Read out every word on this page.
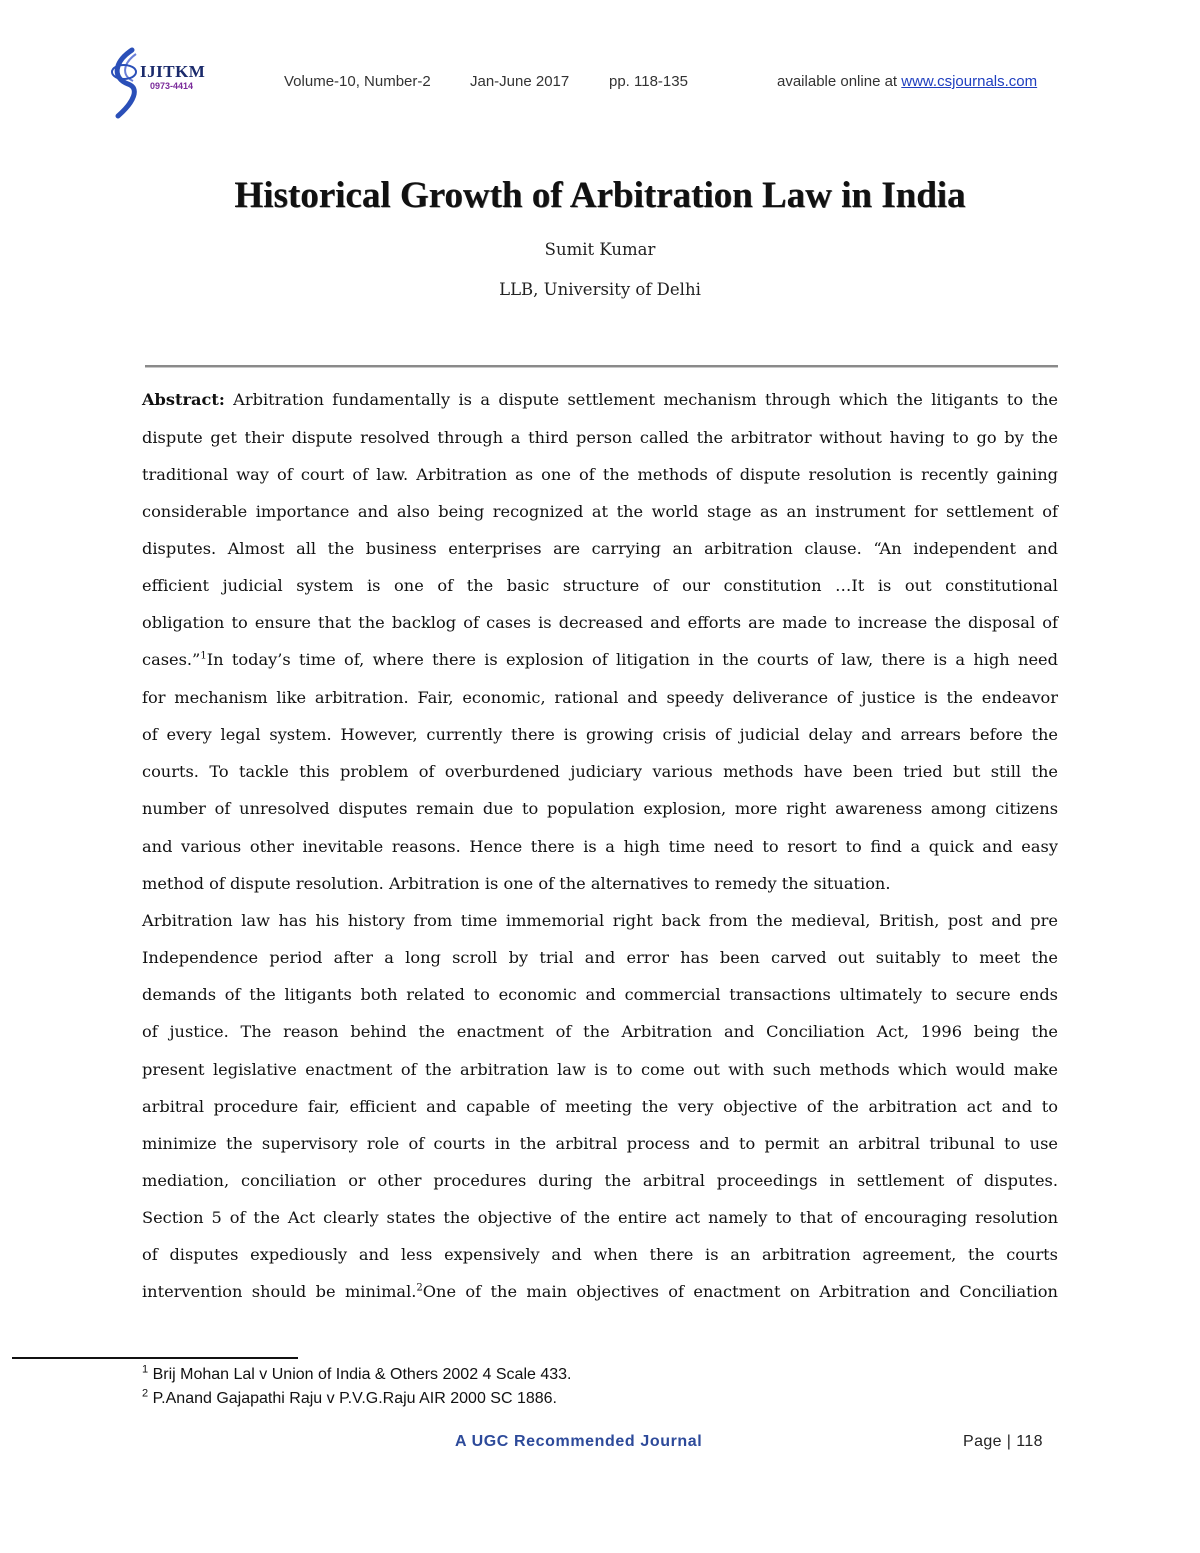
IJITKM
0973-4414	Volume-10, Number-2	Jan-June 2017	pp. 118-135	available online at www.csjournals.com
Historical Growth of Arbitration Law in India
Sumit Kumar
LLB, University of Delhi
Abstract: Arbitration fundamentally is a dispute settlement mechanism through which the litigants to the
dispute get their dispute resolved through a third person called the arbitrator without having to go by the
traditional way of court of law. Arbitration as one of the methods of dispute resolution is recently gaining
considerable importance and also being recognized at the world stage as an instrument for settlement of
disputes. Almost all the business enterprises are carrying an arbitration clause. “An independent and
efficient judicial system is one of the basic structure of our constitution …It is out constitutional
obligation to ensure that the backlog of cases is decreased and efforts are made to increase the disposal of
cases.”$^1$In today’s time of, where there is explosion of litigation in the courts of law, there is a high need
for mechanism like arbitration. Fair, economic, rational and speedy deliverance of justice is the endeavor
of every legal system. However, currently there is growing crisis of judicial delay and arrears before the
courts. To tackle this problem of overburdened judiciary various methods have been tried but still the
number of unresolved disputes remain due to population explosion, more right awareness among citizens
and various other inevitable reasons. Hence there is a high time need to resort to find a quick and easy
method of dispute resolution. Arbitration is one of the alternatives to remedy the situation.
Arbitration law has his history from time immemorial right back from the medieval, British, post and pre
Independence period after a long scroll by trial and error has been carved out suitably to meet the
demands of the litigants both related to economic and commercial transactions ultimately to secure ends
of justice. The reason behind the enactment of the Arbitration and Conciliation Act, 1996 being the
present legislative enactment of the arbitration law is to come out with such methods which would make
arbitral procedure fair, efficient and capable of meeting the very objective of the arbitration act and to
minimize the supervisory role of courts in the arbitral process and to permit an arbitral tribunal to use
mediation, conciliation or other procedures during the arbitral proceedings in settlement of disputes.
Section 5 of the Act clearly states the objective of the entire act namely to that of encouraging resolution
of disputes expediously and less expensively and when there is an arbitration agreement, the courts
intervention should be minimal.$^2$One of the main objectives of enactment on Arbitration and Conciliation
$^1$ Brij Mohan Lal v Union of India & Others 2002 4 Scale 433.
$^2$ P.Anand Gajapathi Raju v P.V.G.Raju AIR 2000 SC 1886.
A UGC Recommended Journal	Page | 118
